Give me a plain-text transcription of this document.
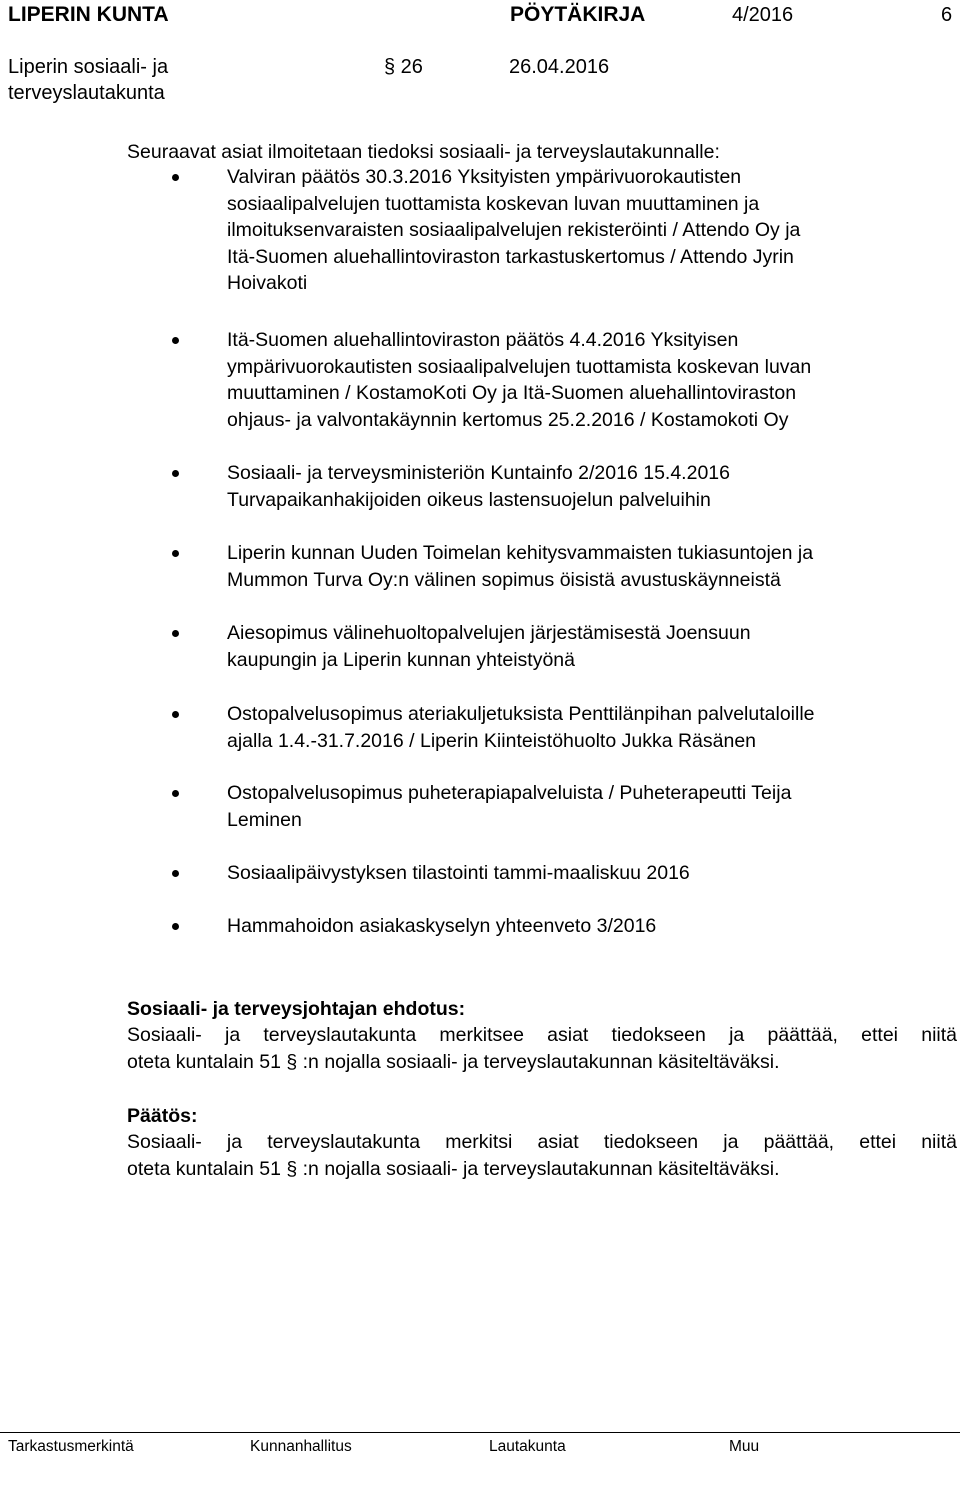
LIPERIN KUNTA	PÖYTÄKIRJA	4/2016	6
Liperin sosiaali- ja
terveyslautakunta
§ 26	26.04.2016
Seuraavat asiat ilmoitetaan tiedoksi sosiaali- ja terveyslautakunnalle:
Valviran päätös 30.3.2016 Yksityisten ympärivuorokautisten
sosiaalipalvelujen tuottamista koskevan luvan muuttaminen ja
ilmoituksenvaraisten sosiaalipalvelujen rekisteröinti / Attendo Oy ja
Itä-Suomen aluehallintoviraston tarkastuskertomus / Attendo Jyrin
Hoivakoti
Itä-Suomen aluehallintoviraston päätös 4.4.2016 Yksityisen
ympärivuorokautisten sosiaalipalvelujen tuottamista koskevan luvan
muuttaminen / KostamoKoti Oy ja Itä-Suomen aluehallintoviraston
ohjaus- ja valvontakäynnin kertomus 25.2.2016 / Kostamokoti Oy
Sosiaali- ja terveysministeriön Kuntainfo 2/2016 15.4.2016
Turvapaikanhakijoiden oikeus lastensuojelun palveluihin
Liperin kunnan Uuden Toimelan kehitysvammaisten tukiasuntojen ja
Mummon Turva Oy:n välinen sopimus öisistä avustuskäynneistä
Aiesopimus välinehuoltopalvelujen järjestämisestä Joensuun
kaupungin ja Liperin kunnan yhteistyönä
Ostopalvelusopimus ateriakuljetuksista Penttilänpihan palvelutaloille
ajalla 1.4.-31.7.2016 / Liperin Kiinteistöhuolto Jukka Räsänen
Ostopalvelusopimus puheterapiapalveluista / Puheterapeutti Teija
Leminen
Sosiaalipäivystyksen tilastointi tammi-maaliskuu 2016
Hammahoidon asiakaskyselyn yhteenveto 3/2016
Sosiaali- ja terveysjohtajan ehdotus:
Sosiaali- ja terveyslautakunta merkitsee asiat tiedokseen ja päättää, ettei niitä
oteta kuntalain 51 § :n nojalla sosiaali- ja terveyslautakunnan käsiteltäväksi.
Päätös:
Sosiaali- ja terveyslautakunta merkitsi asiat tiedokseen ja päättää, ettei niitä
oteta kuntalain 51 § :n nojalla sosiaali- ja terveyslautakunnan käsiteltäväksi.
Tarkastusmerkintä	Kunnanhallitus	Lautakunta	Muu
